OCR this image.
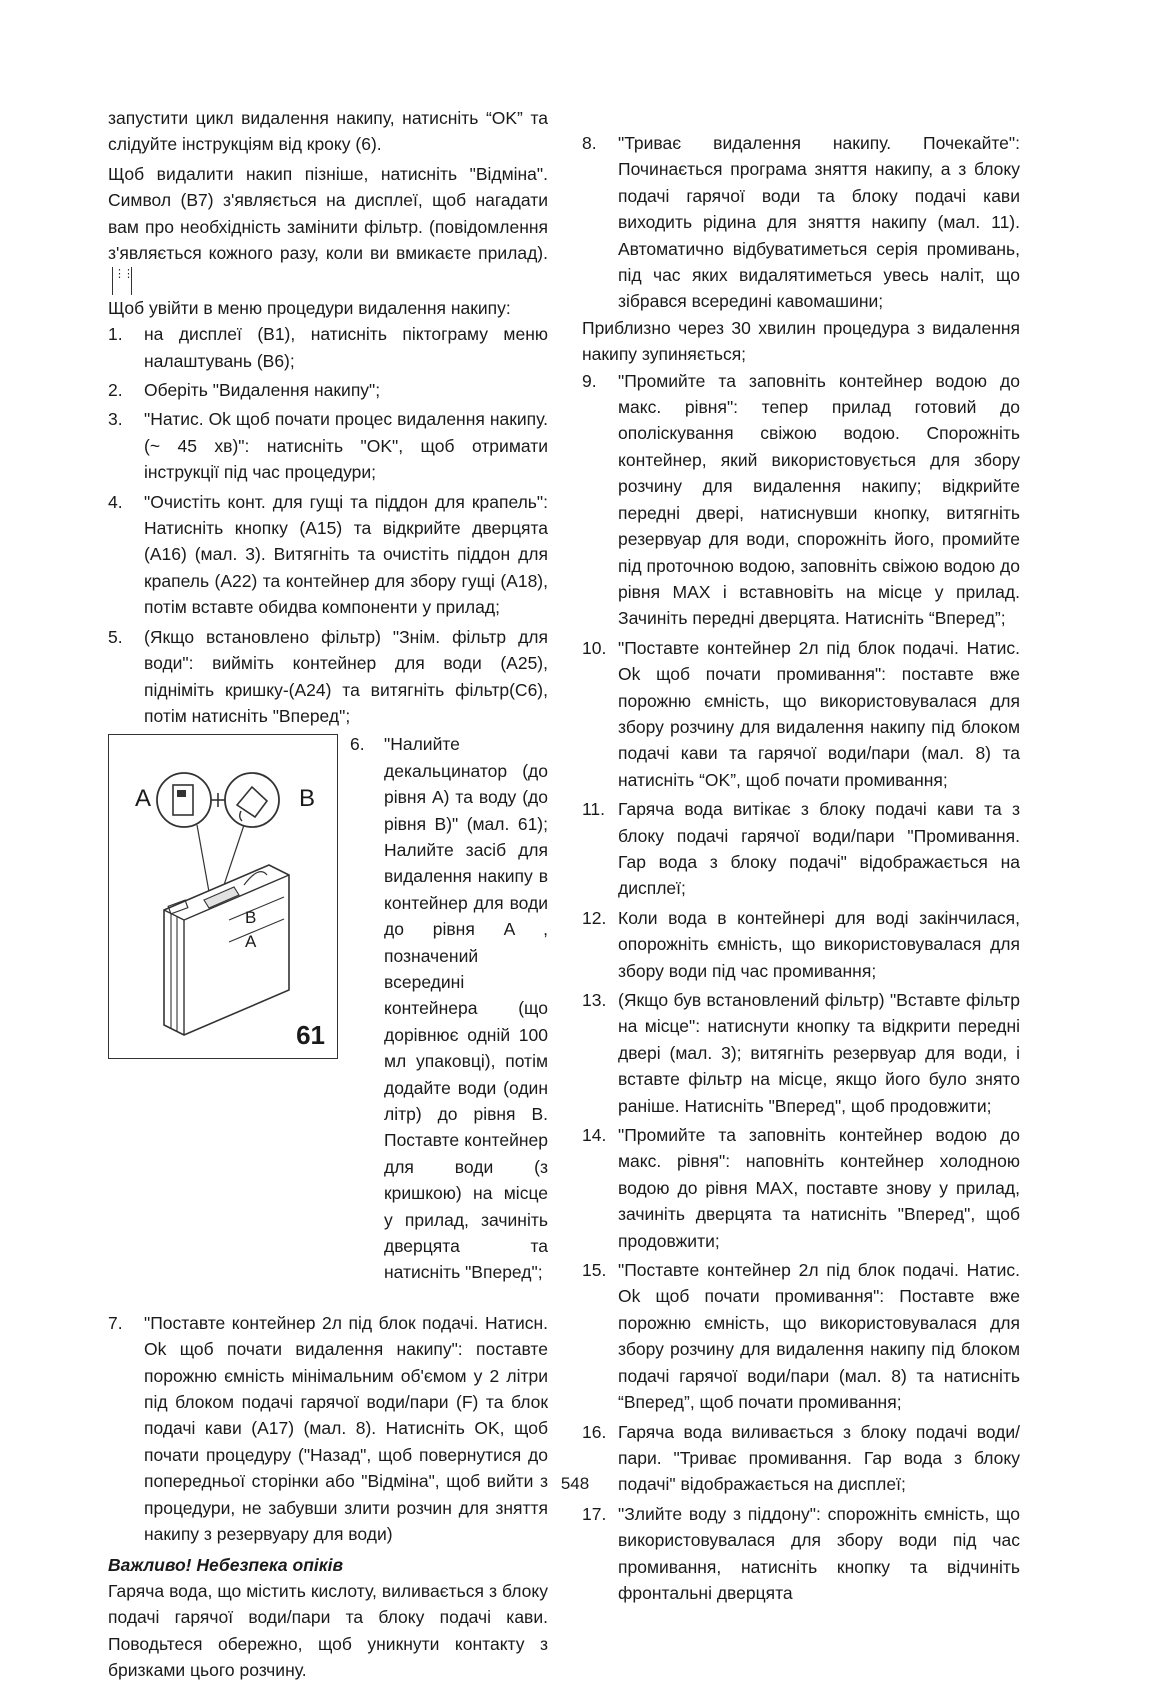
запустити цикл видалення накипу, натисніть “OK” та слідуйте інструкціям від кроку (6).

Щоб видалити накип пізніше, натисніть "Відміна". Символ (B7) з'являється на дисплеї, щоб нагадати вам про необхідність замінити фільтр. (повідомлення з'являється кожного разу, коли ви вмикаєте прилад).⋮⋮

Щоб увійти в меню процедури видалення накипу:

1. на дисплеї (B1), натисніть піктограму меню налаштувань (B6);
2. Оберіть "Видалення накипу";
3. "Натис. Ok щоб почати процес видалення накипу. (~ 45 хв)": натисніть "OK", щоб отримати інструкції під час процедури;
4. "Очистіть конт. для гущі та піддон для крапель": Натисніть кнопку (A15) та відкрийте дверцята (A16) (мал. 3). Витягніть та очистіть піддон для крапель (A22) та контейнер для збору гущі (A18), потім вставте обидва компоненти у прилад;
5. (Якщо встановлено фільтр) "Знім. фільтр для води": вийміть контейнер для води (A25), підніміть кришку-(A24) та витягніть фільтр(C6), потім натисніть "Вперед";
A	B
B
A
61
6. "Налийте декальцинатор (до рівня A) та воду (до рівня B)" (мал. 61); Налийте засіб для видалення накипу в контейнер для води до рівня A , позначений всередині контейнера (що дорівнює одній 100 мл упаковці), потім додайте води (один літр) до рівня B. Поставте контейнер для води (з кришкою) на місце у прилад, зачиніть дверцята та натисніть "Вперед";
7. "Поставте контейнер 2л під блок подачі. Натисн. Ok щоб почати видалення накипу": поставте порожню ємність мінімальним об'ємом у 2 літри під блоком подачі гарячої води/пари (F) та блок подачі кави (A17) (мал. 8). Натисніть OK, щоб почати процедуру ("Назад", щоб повернутися до попередньої сторінки або "Відміна", щоб вийти з процедури, не забувши злити розчин для зняття накипу з резервуару для води)

Важливо! Небезпека опіків

Гаряча вода, що містить кислоту, виливається з блоку подачі гарячої води/пари та блоку подачі кави. Поводьтеся обережно, щоб уникнути контакту з бризками цього розчину.

8. "Триває видалення накипу. Почекайте": Починається програма зняття накипу, а з блоку подачі гарячої води та блоку подачі кави виходить рідина для зняття накипу (мал. 11). Автоматично відбуватиметься серія промивань, під час яких видалятиметься увесь наліт, що зібрався всередині кавомашини;

Приблизно через 30 хвилин процедура з видалення накипу зупиняється;

9. "Промийте та заповніть контейнер водою до макс. рівня": тепер прилад готовий до ополіскування свіжою водою. Спорожніть контейнер, який використовується для збору розчину для видалення накипу; відкрийте передні двері, натиснувши кнопку, витягніть резервуар для води, спорожніть його, промийте під проточною водою, заповніть свіжою водою до рівня MAX і вставновіть на місце у прилад. Зачиніть передні дверцята. Натисніть “Вперед”;
10. "Поставте контейнер 2л під блок подачі. Натис. Ok щоб почати промивання": поставте вже порожню ємність, що використовувалася для збору розчину для видалення накипу під блоком подачі кави та гарячої води/пари (мал. 8) та натисніть “OK”, щоб почати промивання;
11. Гаряча вода витікає з блоку подачі кави та з блоку подачі гарячої води/пари "Промивання. Гар вода з блоку подачі" відображається на дисплеї;
12. Коли вода в контейнері для воді закінчилася, опорожніть ємність, що використовувалася для збору води під час промивання;
13. (Якщо був встановлений фільтр) "Вставте фільтр на місце": натиснути кнопку та відкрити передні двері (мал. 3); витягніть резервуар для води, і вставте фільтр на місце, якщо його було знято раніше. Натисніть "Вперед", щоб продовжити;
14. "Промийте та заповніть контейнер водою до макс. рівня": наповніть контейнер холодною водою до рівня MAX, поставте знову у прилад, зачиніть дверцята та натисніть "Вперед", щоб продовжити;
15. "Поставте контейнер 2л під блок подачі. Натис. Ok щоб почати промивання": Поставте вже порожню ємність, що використовувалася для збору розчину для видалення накипу під блоком подачі гарячої води/пари (мал. 8) та натисніть “Вперед”, щоб почати промивання;
16. Гаряча вода виливається з блоку подачі води/пари. "Триває промивання. Гар вода з блоку подачі" відображається на дисплеї;
17. "Злийте воду з піддону": спорожніть ємність, що використовувалася для збору води під час промивання, натисніть кнопку та відчиніть фронтальні дверцята
548
